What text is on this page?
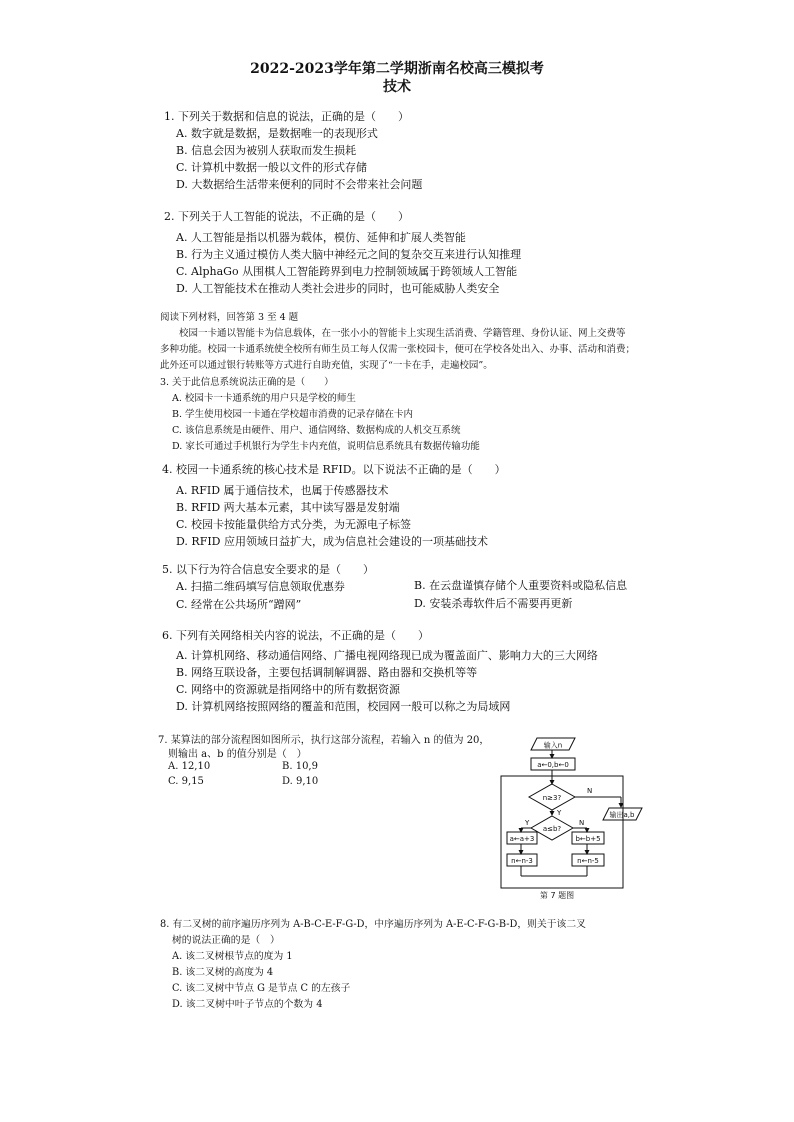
2022-2023学年第二学期浙南名校高三模拟考
技术
1. 下列关于数据和信息的说法，正确的是（　　）
A. 数字就是数据，是数据唯一的表现形式
B. 信息会因为被别人获取而发生损耗
C. 计算机中数据一般以文件的形式存储
D. 大数据给生活带来便利的同时不会带来社会问题
2. 下列关于人工智能的说法，不正确的是（　　）
A. 人工智能是指以机器为载体，模仿、延伸和扩展人类智能
B. 行为主义通过模仿人类大脑中神经元之间的复杂交互来进行认知推理
C. AlphaGo 从围棋人工智能跨界到电力控制领域属于跨领域人工智能
D. 人工智能技术在推动人类社会进步的同时，也可能威胁人类安全
阅读下列材料，回答第 3 至 4 题
　　校园一卡通以智能卡为信息载体，在一张小小的智能卡上实现生活消费、学籍管理、身份认证、网上交费等
多种功能。校园一卡通系统使全校所有师生员工每人仅需一张校园卡，便可在学校各处出入、办事、活动和消费；
此外还可以通过银行转账等方式进行自助充值，实现了“一卡在手，走遍校园”。
3. 关于此信息系统说法正确的是（　　）
A. 校园卡一卡通系统的用户只是学校的师生
B. 学生使用校园一卡通在学校超市消费的记录存储在卡内
C. 该信息系统是由硬件、用户、通信网络、数据构成的人机交互系统
D. 家长可通过手机银行为学生卡内充值，说明信息系统具有数据传输功能
4. 校园一卡通系统的核心技术是 RFID。以下说法不正确的是（　　）
A. RFID 属于通信技术，也属于传感器技术
B. RFID 两大基本元素，其中读写器是发射端
C. 校园卡按能量供给方式分类，为无源电子标签
D. RFID 应用领域日益扩大，成为信息社会建设的一项基础技术
5. 以下行为符合信息安全要求的是（　　）
A. 扫描二维码填写信息领取优惠券	B. 在云盘谨慎存储个人重要资料或隐私信息
C. 经常在公共场所“蹭网”	D. 安装杀毒软件后不需要再更新
6. 下列有关网络相关内容的说法，不正确的是（　　）
A. 计算机网络、移动通信网络、广播电视网络现已成为覆盖面广、影响力大的三大网络
B. 网络互联设备，主要包括调制解调器、路由器和交换机等等
C. 网络中的资源就是指网络中的所有数据资源
D. 计算机网络按照网络的覆盖和范围，校园网一般可以称之为局域网
7. 某算法的部分流程图如图所示，执行这部分流程，若输入 n 的值为 20，
则输出 a、b 的值分别是（　）
A. 12,10	B. 10,9
C. 9,15	D. 9,10
输入n
a←0,b←0
n≥3?
a≤b?
输出a,b
a←a+3	b←b+5
n←n-3	n←n-5
N
Y
Y	N
第 7 题图
8. 有二叉树的前序遍历序列为 A-B-C-E-F-G-D，中序遍历序列为 A-E-C-F-G-B-D，则关于该二叉
树的说法正确的是（　）
A. 该二叉树根节点的度为 1
B. 该二叉树的高度为 4
C. 该二叉树中节点 G 是节点 C 的左孩子
D. 该二叉树中叶子节点的个数为 4
